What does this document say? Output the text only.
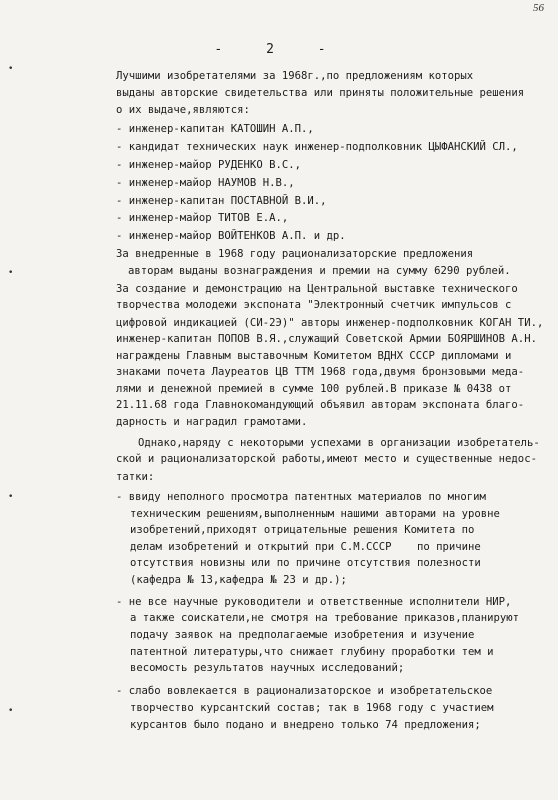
56
- 2 -
•
•
•
•
Лучшими изобретателями за 1968г.,по предложениям которых
выданы авторские свидетельства или приняты положительные решения
о их выдаче,являются:
- инженер-капитан КАТОШИН А.П.,
- кандидат технических наук инженер-подполковник ЦЫФАНСКИЙ СЛ.,
- инженер-майор РУДЕНКО В.С.,
- инженер-майор НАУМОВ Н.В.,
- инженер-капитан ПОСТАВНОЙ В.И.,
- инженер-майор ТИТОВ Е.А.,
- инженер-майор ВОЙТЕНКОВ А.П. и др.
За внедренные в 1968 году рационализаторские предложения
авторам выданы вознаграждения и премии на сумму 6290 рублей.
За создание и демонстрацию на Центральной выставке технического
творчества молодежи экспоната "Электронный счетчик импульсов с
цифровой индикацией (СИ-2Э)" авторы инженер-подполковник КОГАН ТИ.,
инженер-капитан ПОПОВ В.Я.,служащий Советской Армии БОЯРШИНОВ А.Н.
награждены Главным выставочным Комитетом ВДНХ СССР дипломами и
знаками почета Лауреатов ЦВ ТТМ 1968 года,двумя бронзовыми меда-
лями и денежной премией в сумме 100 рублей.В приказе № 0438 от
21.11.68 года Главнокомандующий объявил авторам экспоната благо-
дарность и наградил грамотами.
Однако,наряду с некоторыми успехами в организации изобретатель-
ской и рационализаторской работы,имеют место и существенные недос-
татки:
- ввиду неполного просмотра патентных материалов по многим
техническим решениям,выполненным нашими авторами на уровне
изобретений,приходят отрицательные решения Комитета по
делам изобретений и открытий при С.М.СССР    по причине
отсутствия новизны или по причине отсутствия полезности
(кафедра № 13,кафедра № 23 и др.);
- не все научные руководители и ответственные исполнители НИР,
а также соискатели,не смотря на требование приказов,планируют
подачу заявок на предполагаемые изобретения и изучение
патентной литературы,что снижает глубину проработки тем и
весомость результатов научных исследований;
- слабо вовлекается в рационализаторское и изобретательское
творчество курсантский состав; так в 1968 году с участием
курсантов было подано и внедрено только 74 предложения;
